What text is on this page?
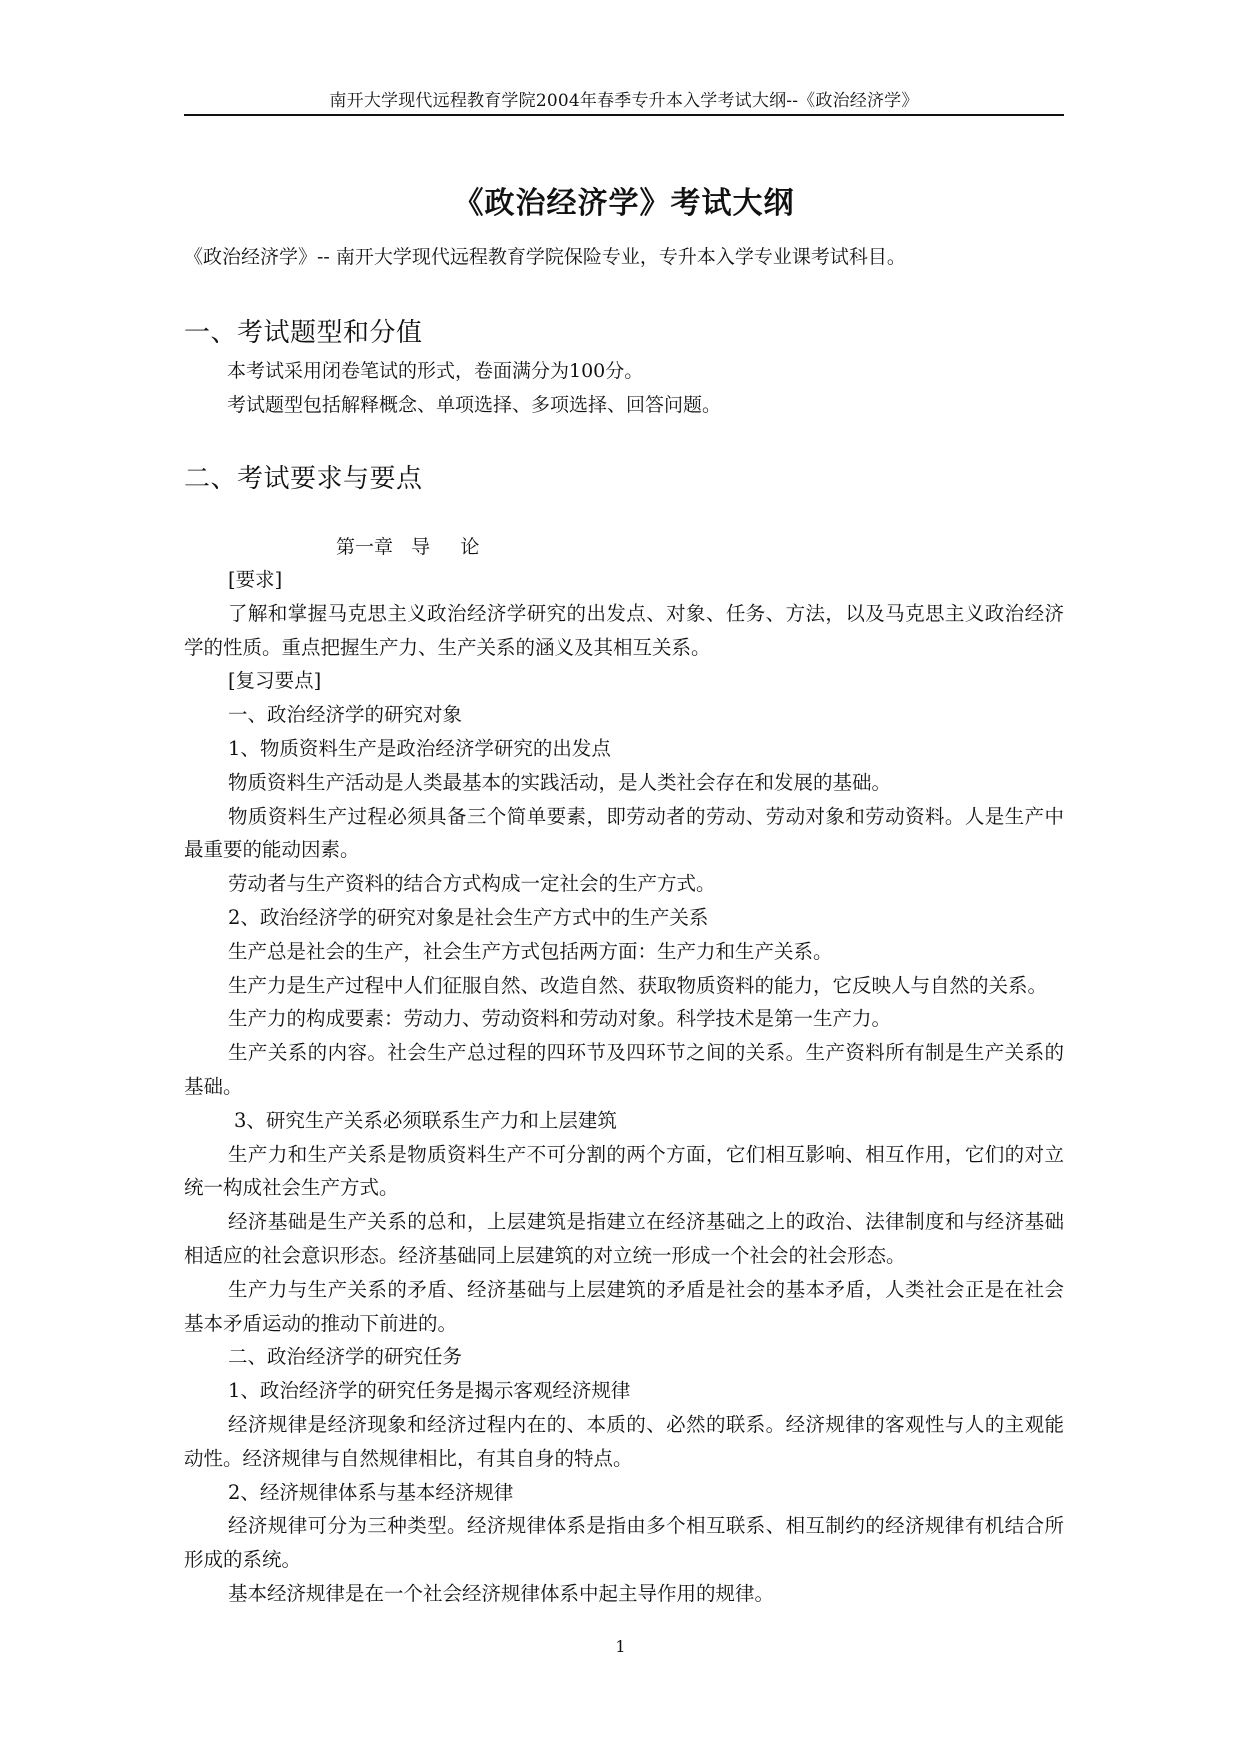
南开大学现代远程教育学院2004年春季专升本入学考试大纲--《政治经济学》
《政治经济学》考试大纲
《政治经济学》-- 南开大学现代远程教育学院保险专业，专升本入学专业课考试科目。
一、考试题型和分值

本考试采用闭卷笔试的形式，卷面满分为100分。

考试题型包括解释概念、单项选择、多项选择、回答问题。

二、考试要求与要点
第一章   导     论

[要求]

了解和掌握马克思主义政治经济学研究的出发点、对象、任务、方法，以及马克思主义政治经济学的性质。重点把握生产力、生产关系的涵义及其相互关系。

[复习要点]

一、政治经济学的研究对象

1、物质资料生产是政治经济学研究的出发点

物质资料生产活动是人类最基本的实践活动，是人类社会存在和发展的基础。

物质资料生产过程必须具备三个简单要素，即劳动者的劳动、劳动对象和劳动资料。人是生产中最重要的能动因素。

劳动者与生产资料的结合方式构成一定社会的生产方式。

2、政治经济学的研究对象是社会生产方式中的生产关系

生产总是社会的生产，社会生产方式包括两方面：生产力和生产关系。

生产力是生产过程中人们征服自然、改造自然、获取物质资料的能力，它反映人与自然的关系。

生产力的构成要素：劳动力、劳动资料和劳动对象。科学技术是第一生产力。

生产关系的内容。社会生产总过程的四环节及四环节之间的关系。生产资料所有制是生产关系的基础。

3、研究生产关系必须联系生产力和上层建筑

生产力和生产关系是物质资料生产不可分割的两个方面，它们相互影响、相互作用，它们的对立统一构成社会生产方式。

经济基础是生产关系的总和，上层建筑是指建立在经济基础之上的政治、法律制度和与经济基础相适应的社会意识形态。经济基础同上层建筑的对立统一形成一个社会的社会形态。

生产力与生产关系的矛盾、经济基础与上层建筑的矛盾是社会的基本矛盾，人类社会正是在社会基本矛盾运动的推动下前进的。

二、政治经济学的研究任务

1、政治经济学的研究任务是揭示客观经济规律

经济规律是经济现象和经济过程内在的、本质的、必然的联系。经济规律的客观性与人的主观能动性。经济规律与自然规律相比，有其自身的特点。

2、经济规律体系与基本经济规律

经济规律可分为三种类型。经济规律体系是指由多个相互联系、相互制约的经济规律有机结合所形成的系统。

基本经济规律是在一个社会经济规律体系中起主导作用的规律。

1
